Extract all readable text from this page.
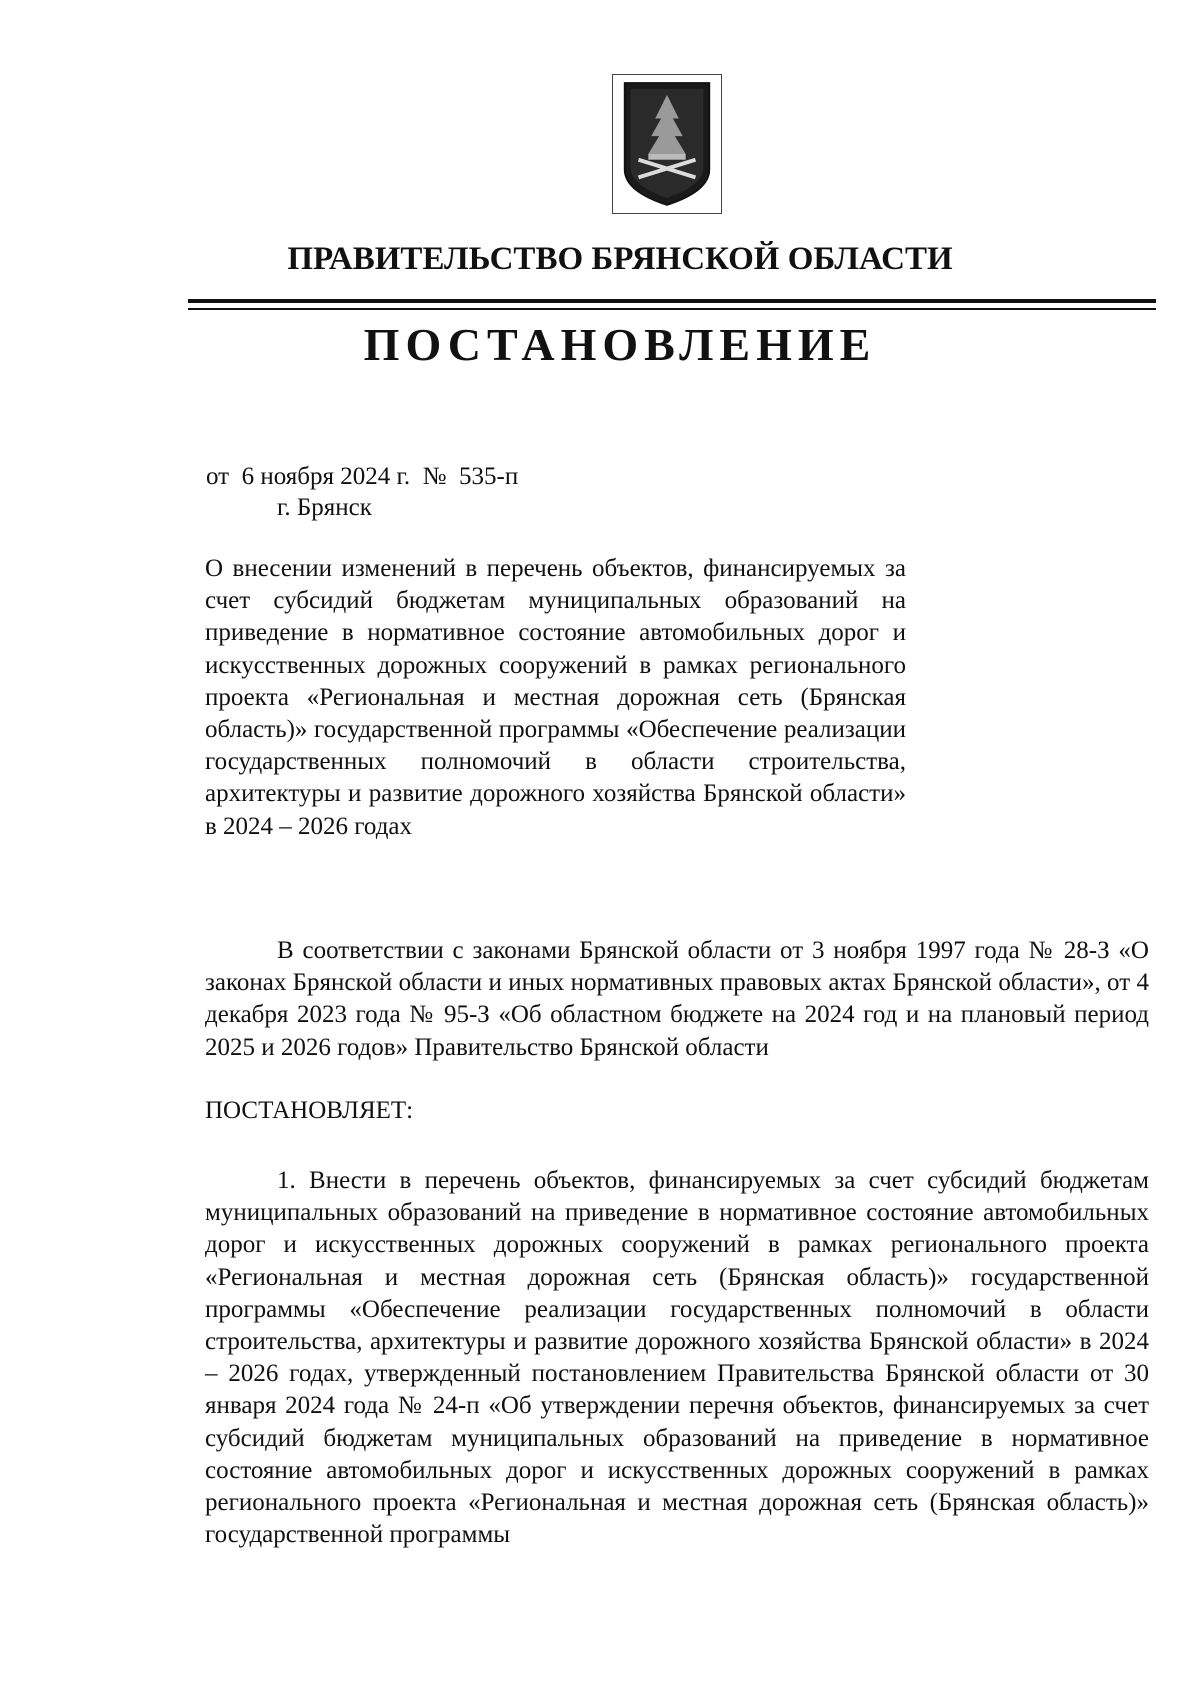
ПРАВИТЕЛЬСТВО БРЯНСКОЙ ОБЛАСТИ
ПОСТАНОВЛЕНИЕ
от  6 ноября 2024 г.  №  535-п
г. Брянск
О внесении изменений в перечень объектов, финансируемых за счет субсидий бюджетам муниципальных образований на приведение в нормативное состояние автомобильных дорог и искусственных дорожных сооружений в рамках регионального проекта «Региональная и местная дорожная сеть (Брянская область)» государственной программы «Обеспечение реализации государственных полномочий в области строительства, архитектуры и развитие дорожного хозяйства Брянской области» в 2024 – 2026 годах
В соответствии с законами Брянской области от 3 ноября 1997 года № 28-З «О законах Брянской области и иных нормативных правовых актах Брянской области», от 4 декабря 2023 года № 95-З «Об областном бюджете на 2024 год и на плановый период 2025 и 2026 годов» Правительство Брянской области
ПОСТАНОВЛЯЕТ:
1. Внести в перечень объектов, финансируемых за счет субсидий бюджетам муниципальных образований на приведение в нормативное состояние автомобильных дорог и искусственных дорожных сооружений в рамках регионального проекта «Региональная и местная дорожная сеть (Брянская область)» государственной программы «Обеспечение реализации государственных полномочий в области строительства, архитектуры и развитие дорожного хозяйства Брянской области» в 2024 – 2026 годах, утвержденный постановлением Правительства Брянской области от 30 января 2024 года № 24-п «Об утверждении перечня объектов, финансируемых за счет субсидий бюджетам муниципальных образований на приведение в нормативное состояние автомобильных дорог и искусственных дорожных сооружений в рамках регионального проекта «Региональная и местная дорожная сеть (Брянская область)» государственной программы
